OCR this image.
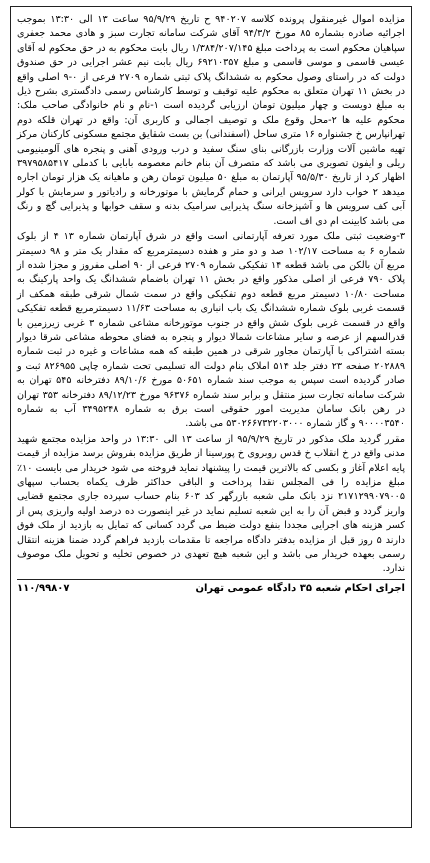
مزایده اموال غیرمنقول پرونده کلاسه ۹۴۰۲۰۷ ح تاریخ ۹۵/۹/۲۹ ساعت ۱۳ الی ۱۳:۳۰ بموجب اجرائیه صادره بشماره ۸۵ مورخ ۹۴/۳/۲ آقای شرکت سامانه تجارت سبز و هادی محمد جعفری سپاهیان محکوم است به پرداخت مبلغ ۱/۳۸۴/۲۰۷/۱۴۵ ریال بابت محکوم به در حق محکوم له آقای عیسی قاسمی و موسی قاسمی و مبلغ ۶۹۲۱۰۳۵۷ ریال بابت نیم عشر اجرایی در حق صندوق دولت که در راستای وصول محکوم به ششدانگ پلاک ثبتی شماره ۲۷۰۹ فرعی از ۰-۹ اصلی واقع در بخش ۱۱ تهران متعلق به محکوم علیه توقیف و توسط کارشناس رسمی دادگستری بشرح ذیل به مبلغ دویست و چهار میلیون تومان ارزیابی گردیده است ۱-نام و نام خانوادگی صاحب ملک: محکوم علیه ها ۲-محل وقوع ملک و توصیف اجمالی و کاربری آن: واقع در تهران قلکه دوم تهرانپارس خ جشنواره ۱۶ متری ساحل (اسفندانی) بن بست شقایق مجتمع مسکونی کارکنان مرکز تهیه ماشین آلات وزارت بازرگانی بنای سنگ سفید و درب ورودی آهنی و پنجره های آلومینیومی ریلی و ایفون تصویری می باشد که متصرف آن بنام خانم معصومه بابایی با کدملی ۳۹۷۹۵۸۵۴۱۷ اظهار کرد از تاریخ ۹۵/۵/۳۰ آپارتمان به مبلغ ۵۰ میلیون تومان رهن و ماهیانه یک هزار تومان اجاره میدهد ۲ خواب دارد سرویس ایرانی و حمام گرمایش با موتورخانه و رادیاتور و سرمایش با کولر آبی کف سرویس ها و آشپزخانه سنگ پذیرایی سرامیک بدنه و سقف خوابها و پذیرایی گچ و رنگ می باشد کابینت ام دی اف است.

۳-وضعیت ثبتی ملک مورد تعرفه آپارتمانی است واقع در شرق آپارتمان شماره ۱۳ ۴ از بلوک شماره ۶ به مساحت ۱۰۲/۱۷ صد و دو متر و هفده دسیمترمربع که مقدار یک متر و ۹۸ دسیمتر مربع آن بالکن می باشد قطعه ۱۴ تفکیکی شماره ۲۷۰۹ فرعی از ۹۰ اصلی مفروز و مجزا شده از پلاک ۷۹۰ فرعی از اصلی مذکور واقع در بخش ۱۱ تهران باضمام ششدانگ یک واحد پارکینگ به مساحت ۱۰/۸۰ دسیمتر مربع قطعه دوم تفکیکی واقع در سمت شمال شرقی طبقه همکف از قسمت غربی بلوک شماره ششدانگ یک باب انباری به مساحت ۱۱/۶۳ دسیمترمربع قطعه تفکیکی واقع در قسمت غربی بلوک شش واقع در جنوب موتورخانه مشاعی شماره ۳ غربی زیرزمین با قدرالسهم از عرصه و سایر مشاعات شمالا دیوار و پنجره به فضای محوطه مشاعی شرقا دیوار بسته اشتراکی با آپارتمان مجاور شرقی در همین طبقه که همه مشاعات و غیره در ثبت شماره ۲۰۲۸۸۹ صفحه ۲۳ دفتر جلد ۵۱۴ املاک بنام دولت اله تسلیمی تحت شماره چاپی ۸۲۶۹۵۵ ثبت و صادر گردیده است سپس به موجب سند شماره ۵۰۶۵۱ مورخ ۸۹/۱۰/۶ دفترخانه ۵۴۵ تهران به شرکت سامانه تجارت سبز منتقل و برابر سند شماره ۹۶۳۷۶ مورخ ۸۹/۱۲/۲۳ دفترخانه ۳۵۳ تهران در رهن بانک سامان مدیریت امور حقوقی است برق به شماره ۳۴۹۵۲۴۸ آب به شماره ۹۰۰۰۰۳۵۴۰ و گاز شماره ۵۳۰۲۶۶۷۳۲۲۰۳۰۰۰ می باشد.

مقرر گردید ملک مذکور در تاریخ ۹۵/۹/۲۹ از ساعت ۱۳ الی ۱۳:۳۰ در واحد مزایده مجتمع شهید مدنی واقع در خ انقلاب خ قدس روبروی خ پورسینا از طریق مزایده بفروش برسد مزایده از قیمت پایه اعلام آغاز و بکسی که بالاترین قیمت را پیشنهاد نماید فروخته می شود خریدار می بایست ۱۰٪ مبلغ مزایده را فی المجلس نقدا پرداخت و الباقی حداکثر ظرف یکماه بحساب سپهای ۲۱۷۱۲۹۹۰۷۹۰۰۵ نزد بانک ملی شعبه بازرگهر کد ۶۰۳ بنام حساب سپرده جاری مجتمع قضایی واریز گردد و قبض آن را به این شعبه تسلیم نماید در غیر اینصورت ده درصد اولیه واریزی پس از کسر هزینه های اجرایی مجددا بنفع دولت ضبط می گردد کسانی که تمایل به بازدید از ملک فوق دارند ۵ روز قبل از مزایده بدفتر دادگاه مراجعه تا مقدمات بازدید فراهم گردد ضمنا هزینه انتقال رسمی بعهده خریدار می باشد و این شعبه هیچ تعهدی در خصوص تخلیه و تحویل ملک موصوف ندارد.

اجرای احکام شعبه ۳۵ دادگاه عمومی تهران
۱۱۰/۹۹۸۰۷
